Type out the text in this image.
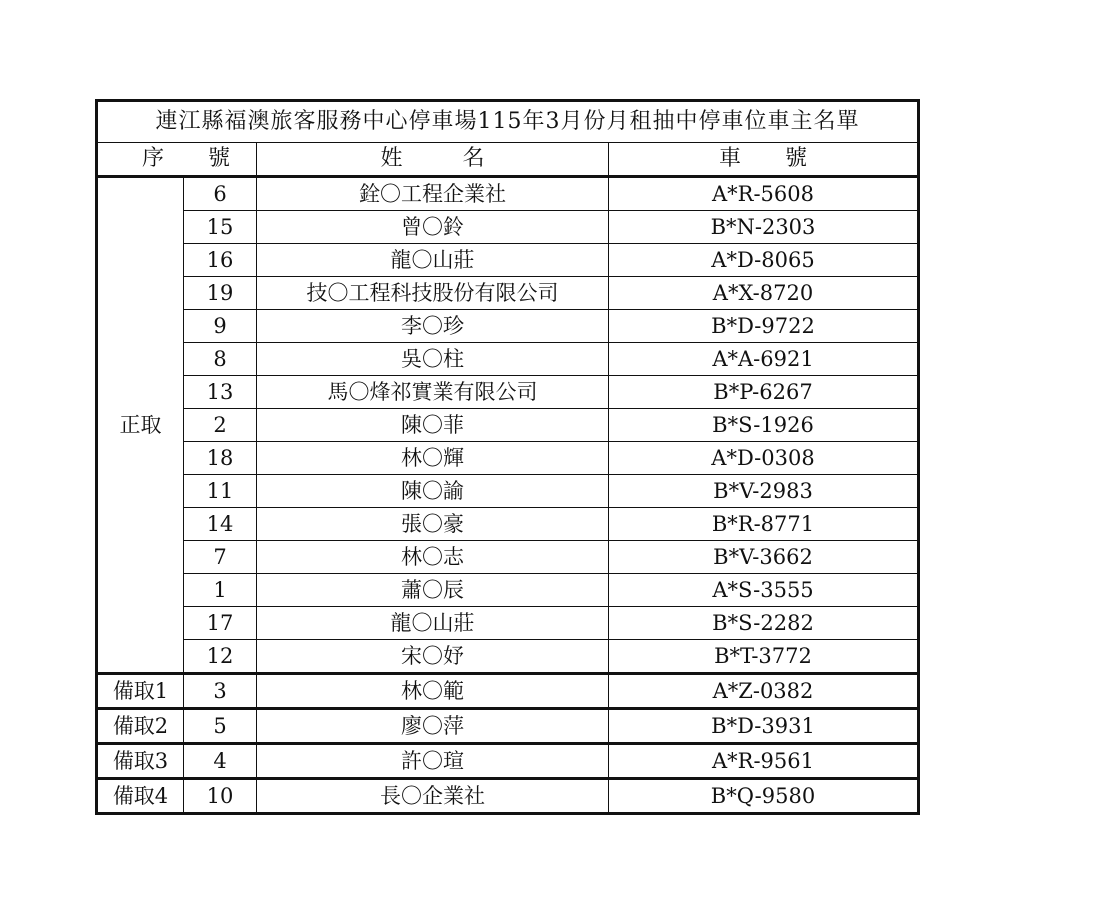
連江縣福澳旅客服務中心停車場115年3月份月租抽中停車位車主名單			
序號		姓名	車號
正取	6	銓〇工程企業社	A*R-5608
	15	曾〇鈴	B*N-2303
	16	龍〇山莊	A*D-8065
	19	技〇工程科技股份有限公司	A*X-8720
	9	李〇珍	B*D-9722
	8	吳〇柱	A*A-6921
	13	馬〇烽祁實業有限公司	B*P-6267
	2	陳〇菲	B*S-1926
	18	林〇輝	A*D-0308
	11	陳〇諭	B*V-2983
	14	張〇豪	B*R-8771
	7	林〇志	B*V-3662
	1	蕭〇辰	A*S-3555
	17	龍〇山莊	B*S-2282
	12	宋〇妤	B*T-3772
備取1	3	林〇範	A*Z-0382
備取2	5	廖〇萍	B*D-3931
備取3	4	許〇瑄	A*R-9561
備取4	10	長〇企業社	B*Q-9580
